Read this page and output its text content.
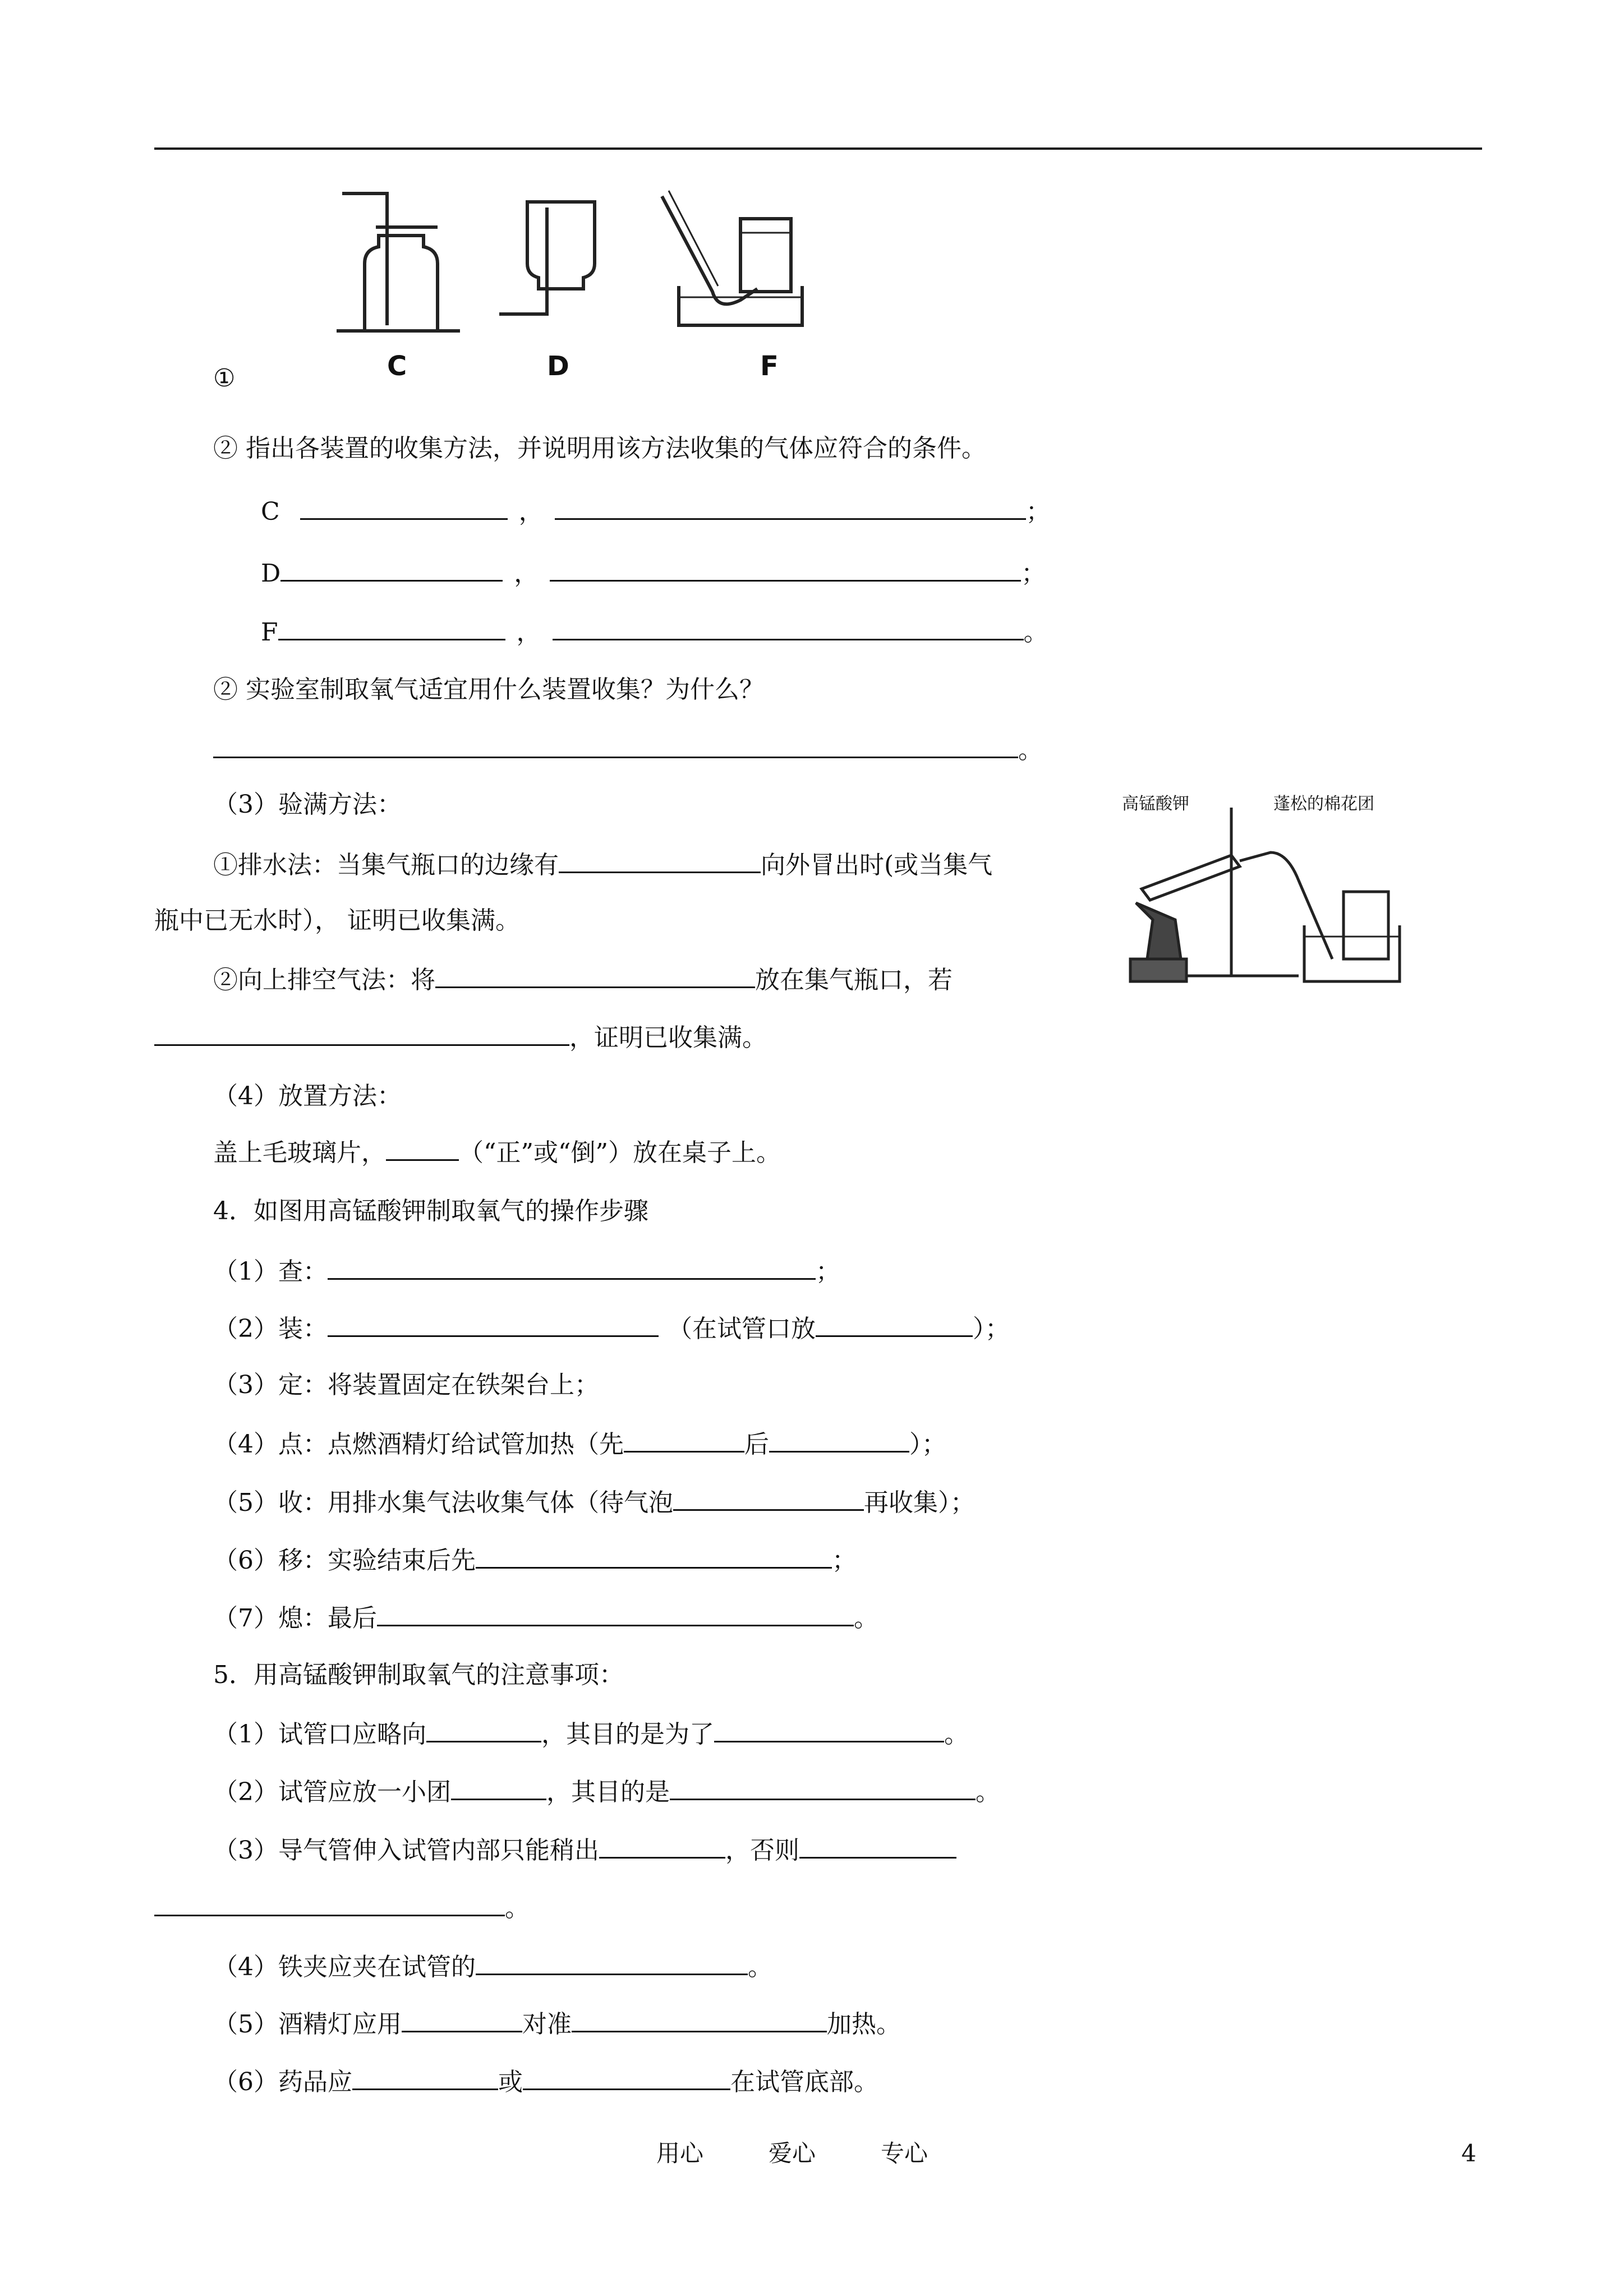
C	D	F
①
② 指出各装置的收集方法，并说明用该方法收集的气体应符合的条件。
C	，	；
D	，	；
F	，	。
② 实验室制取氧气适宜用什么装置收集？为什么？
。
高锰酸钾	蓬松的棉花团
（3）验满方法：
①排水法：当集气瓶口的边缘有	向外冒出时(或当集气
瓶中已无水时）， 证明已收集满。
②向上排空气法：将	放在集气瓶口，若
，证明已收集满。
（4）放置方法：
盖上毛玻璃片，	（“正”或“倒”）放在桌子上。
4．如图用高锰酸钾制取氧气的操作步骤
（1）查：	；
（2）装：	（在试管口放	）；
（3）定：将装置固定在铁架台上；
（4）点：点燃酒精灯给试管加热（先	后	）；
（5）收：用排水集气法收集气体（待气泡	再收集）；
（6）移：实验结束后先	；
（7）熄：最后	。
5．用高锰酸钾制取氧气的注意事项：
（1）试管口应略向	，其目的是为了	。
（2）试管应放一小团	，其目的是	。
（3）导气管伸入试管内部只能稍出	，否则
。
（4）铁夹应夹在试管的	。
（5）酒精灯应用	对准	加热。
（6）药品应	或	在试管底部。
用心	爱心	专心	4
